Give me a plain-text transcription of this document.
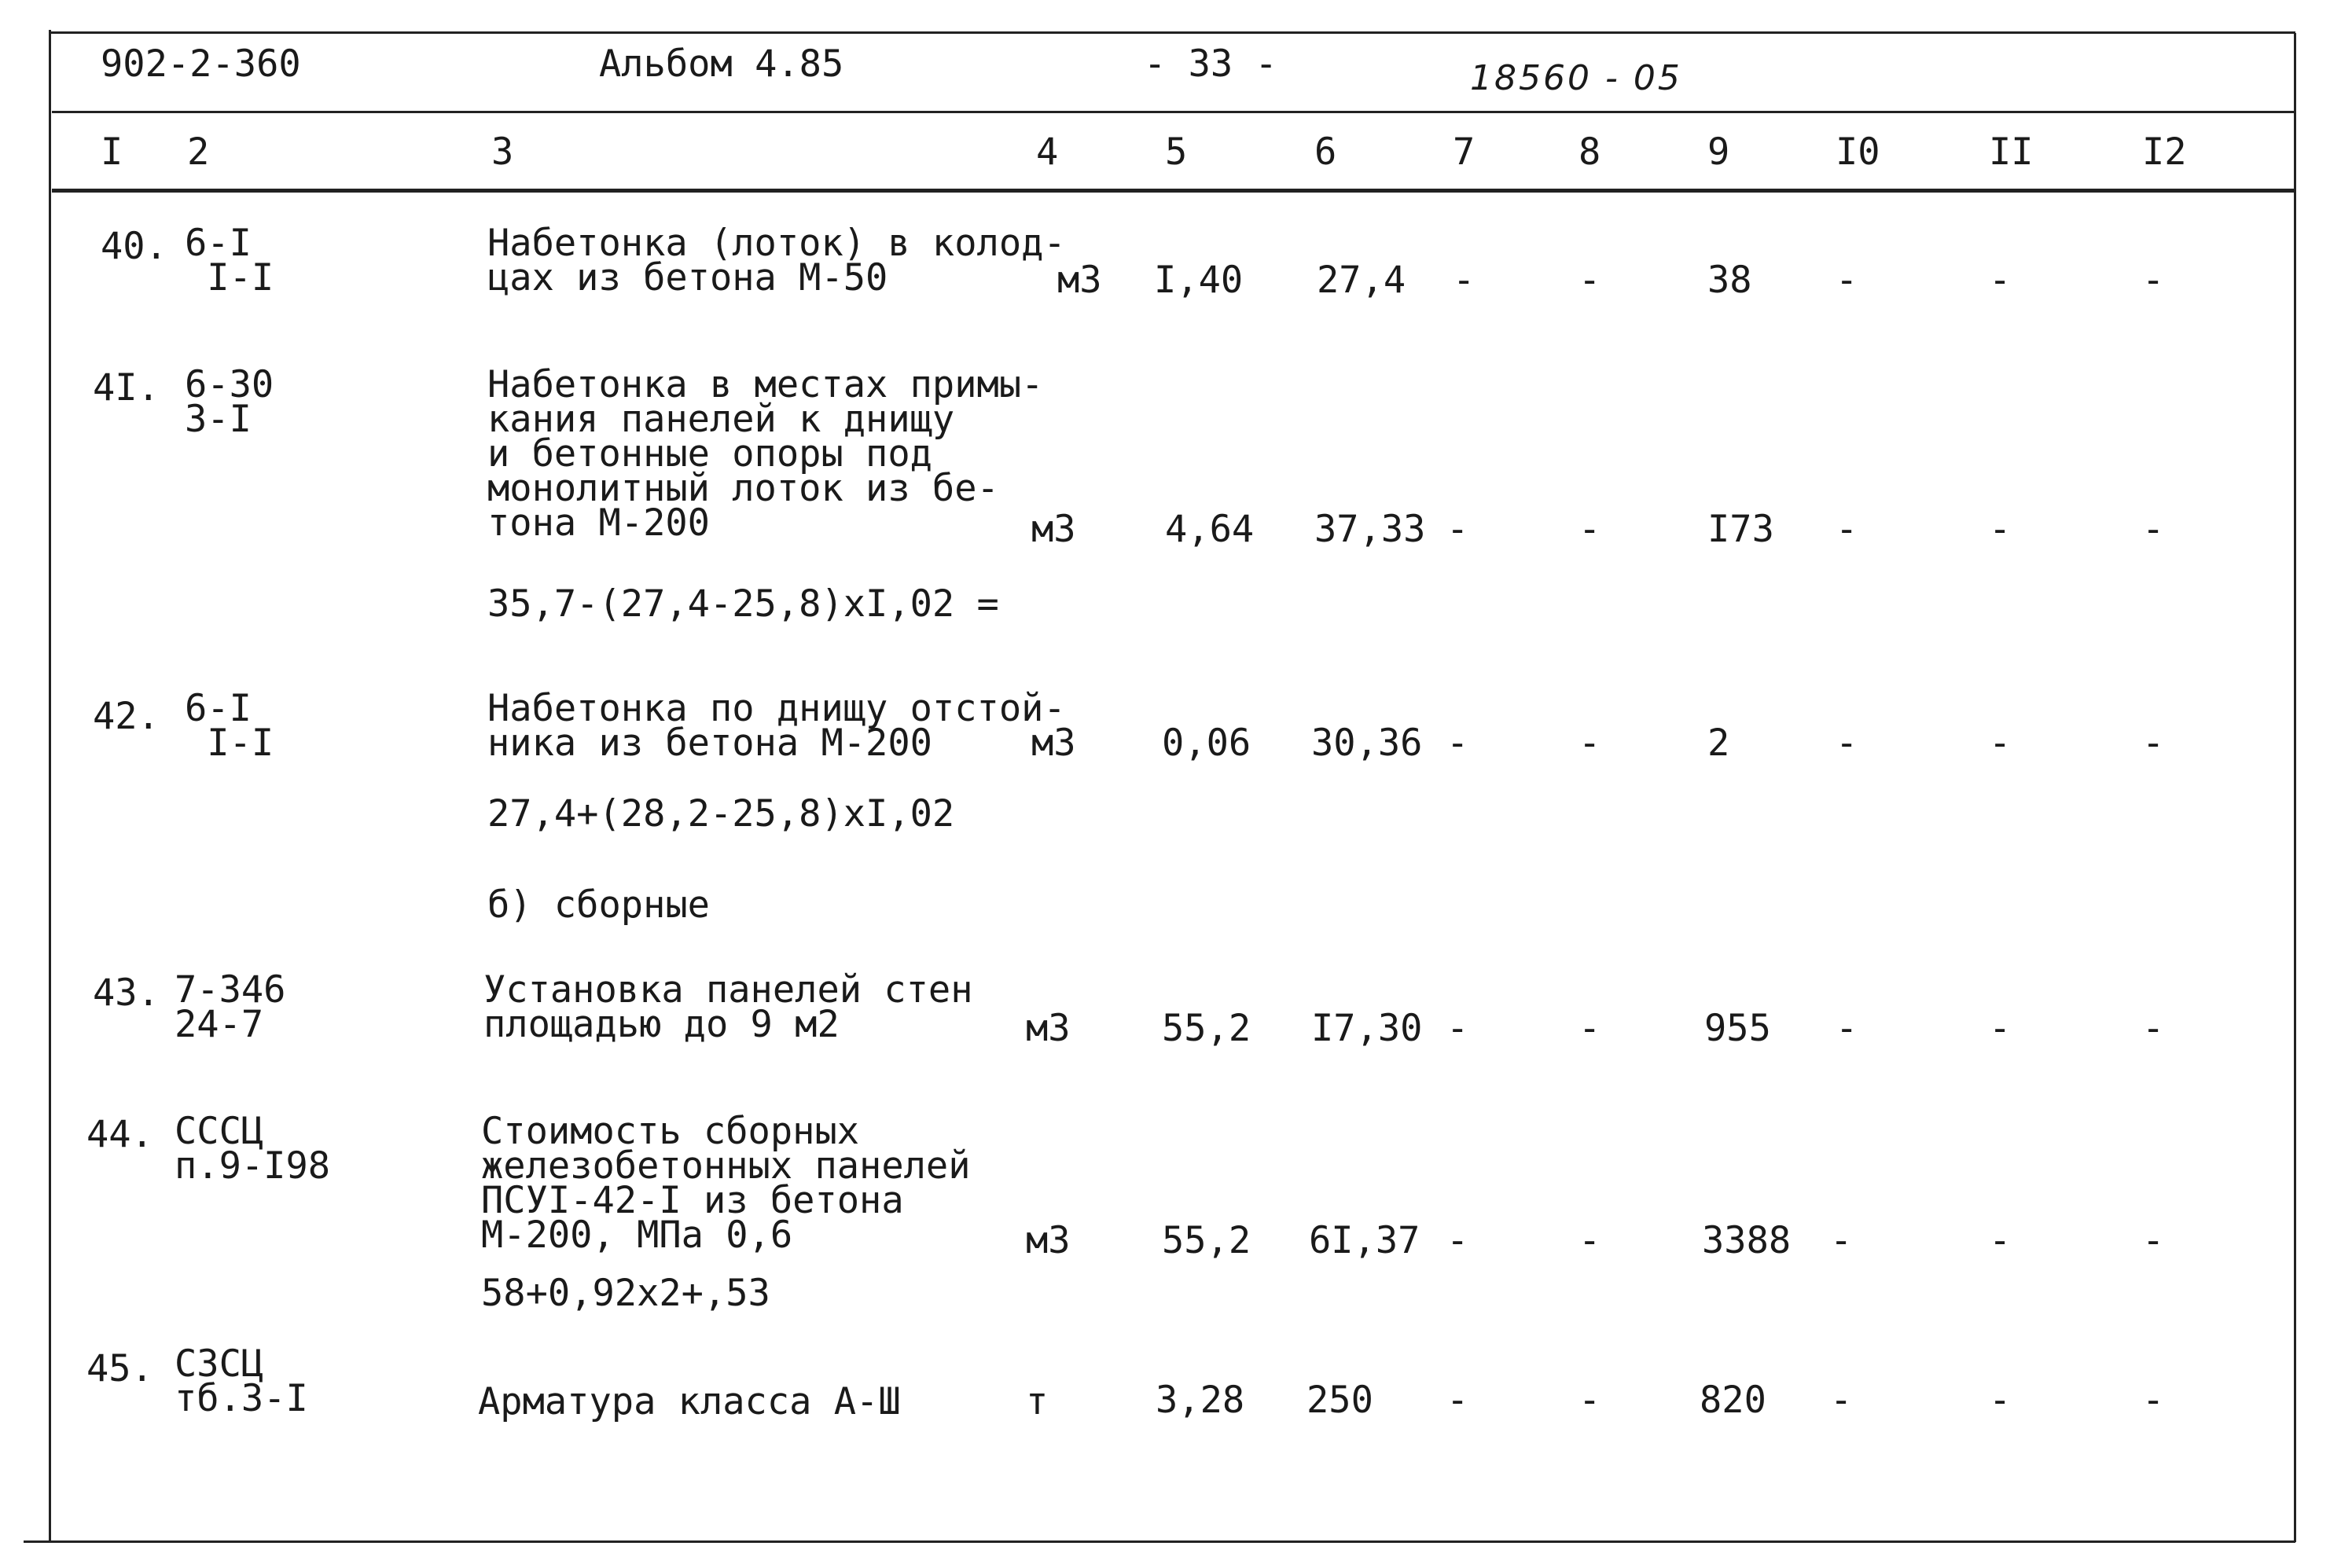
902-2-360	Альбом 4.85	- 33 -	18560 - 05
I 2	3	4	5	6	7	8	9	I0	II	I2
40. 6-I
I-I
Набетонка (лоток) в колод-
цах из бетона М-50	м3 I,40 27,4 -	-	38 -	-	-
4I. 6-30
3-I
Набетонка в местах примы-
кания панелей к днищу
и бетонные опоры под
монолитный лоток из бе-
тона М-200	м3 4,64 37,33 -	-	I73 -	-	-
35,7-(27,4-25,8)xI,02 =
42. 6-I
I-I
Набетонка по днищу отстой-
ника из бетона М-200	м3 0,06 30,36 -	-	2	-	-	-
27,4+(28,2-25,8)xI,02
б) сборные
43. 7-346
24-7
Установка панелей стен
площадью до 9 м2	м3 55,2 I7,30 -	-	955 -	-	-
44. СССЦ
п.9-I98
Стоимость сборных
железобетонных панелей
ПСУI-42-I из бетона
М-200, МПа 0,6	м3 55,2 6I,37 -	-	3388 -	-	-
58+0,92x2+,53
45. СЗСЦ
тб.3-I	Арматура класса А-Ш	т	3,28 250 -	-	820 -	-	-
